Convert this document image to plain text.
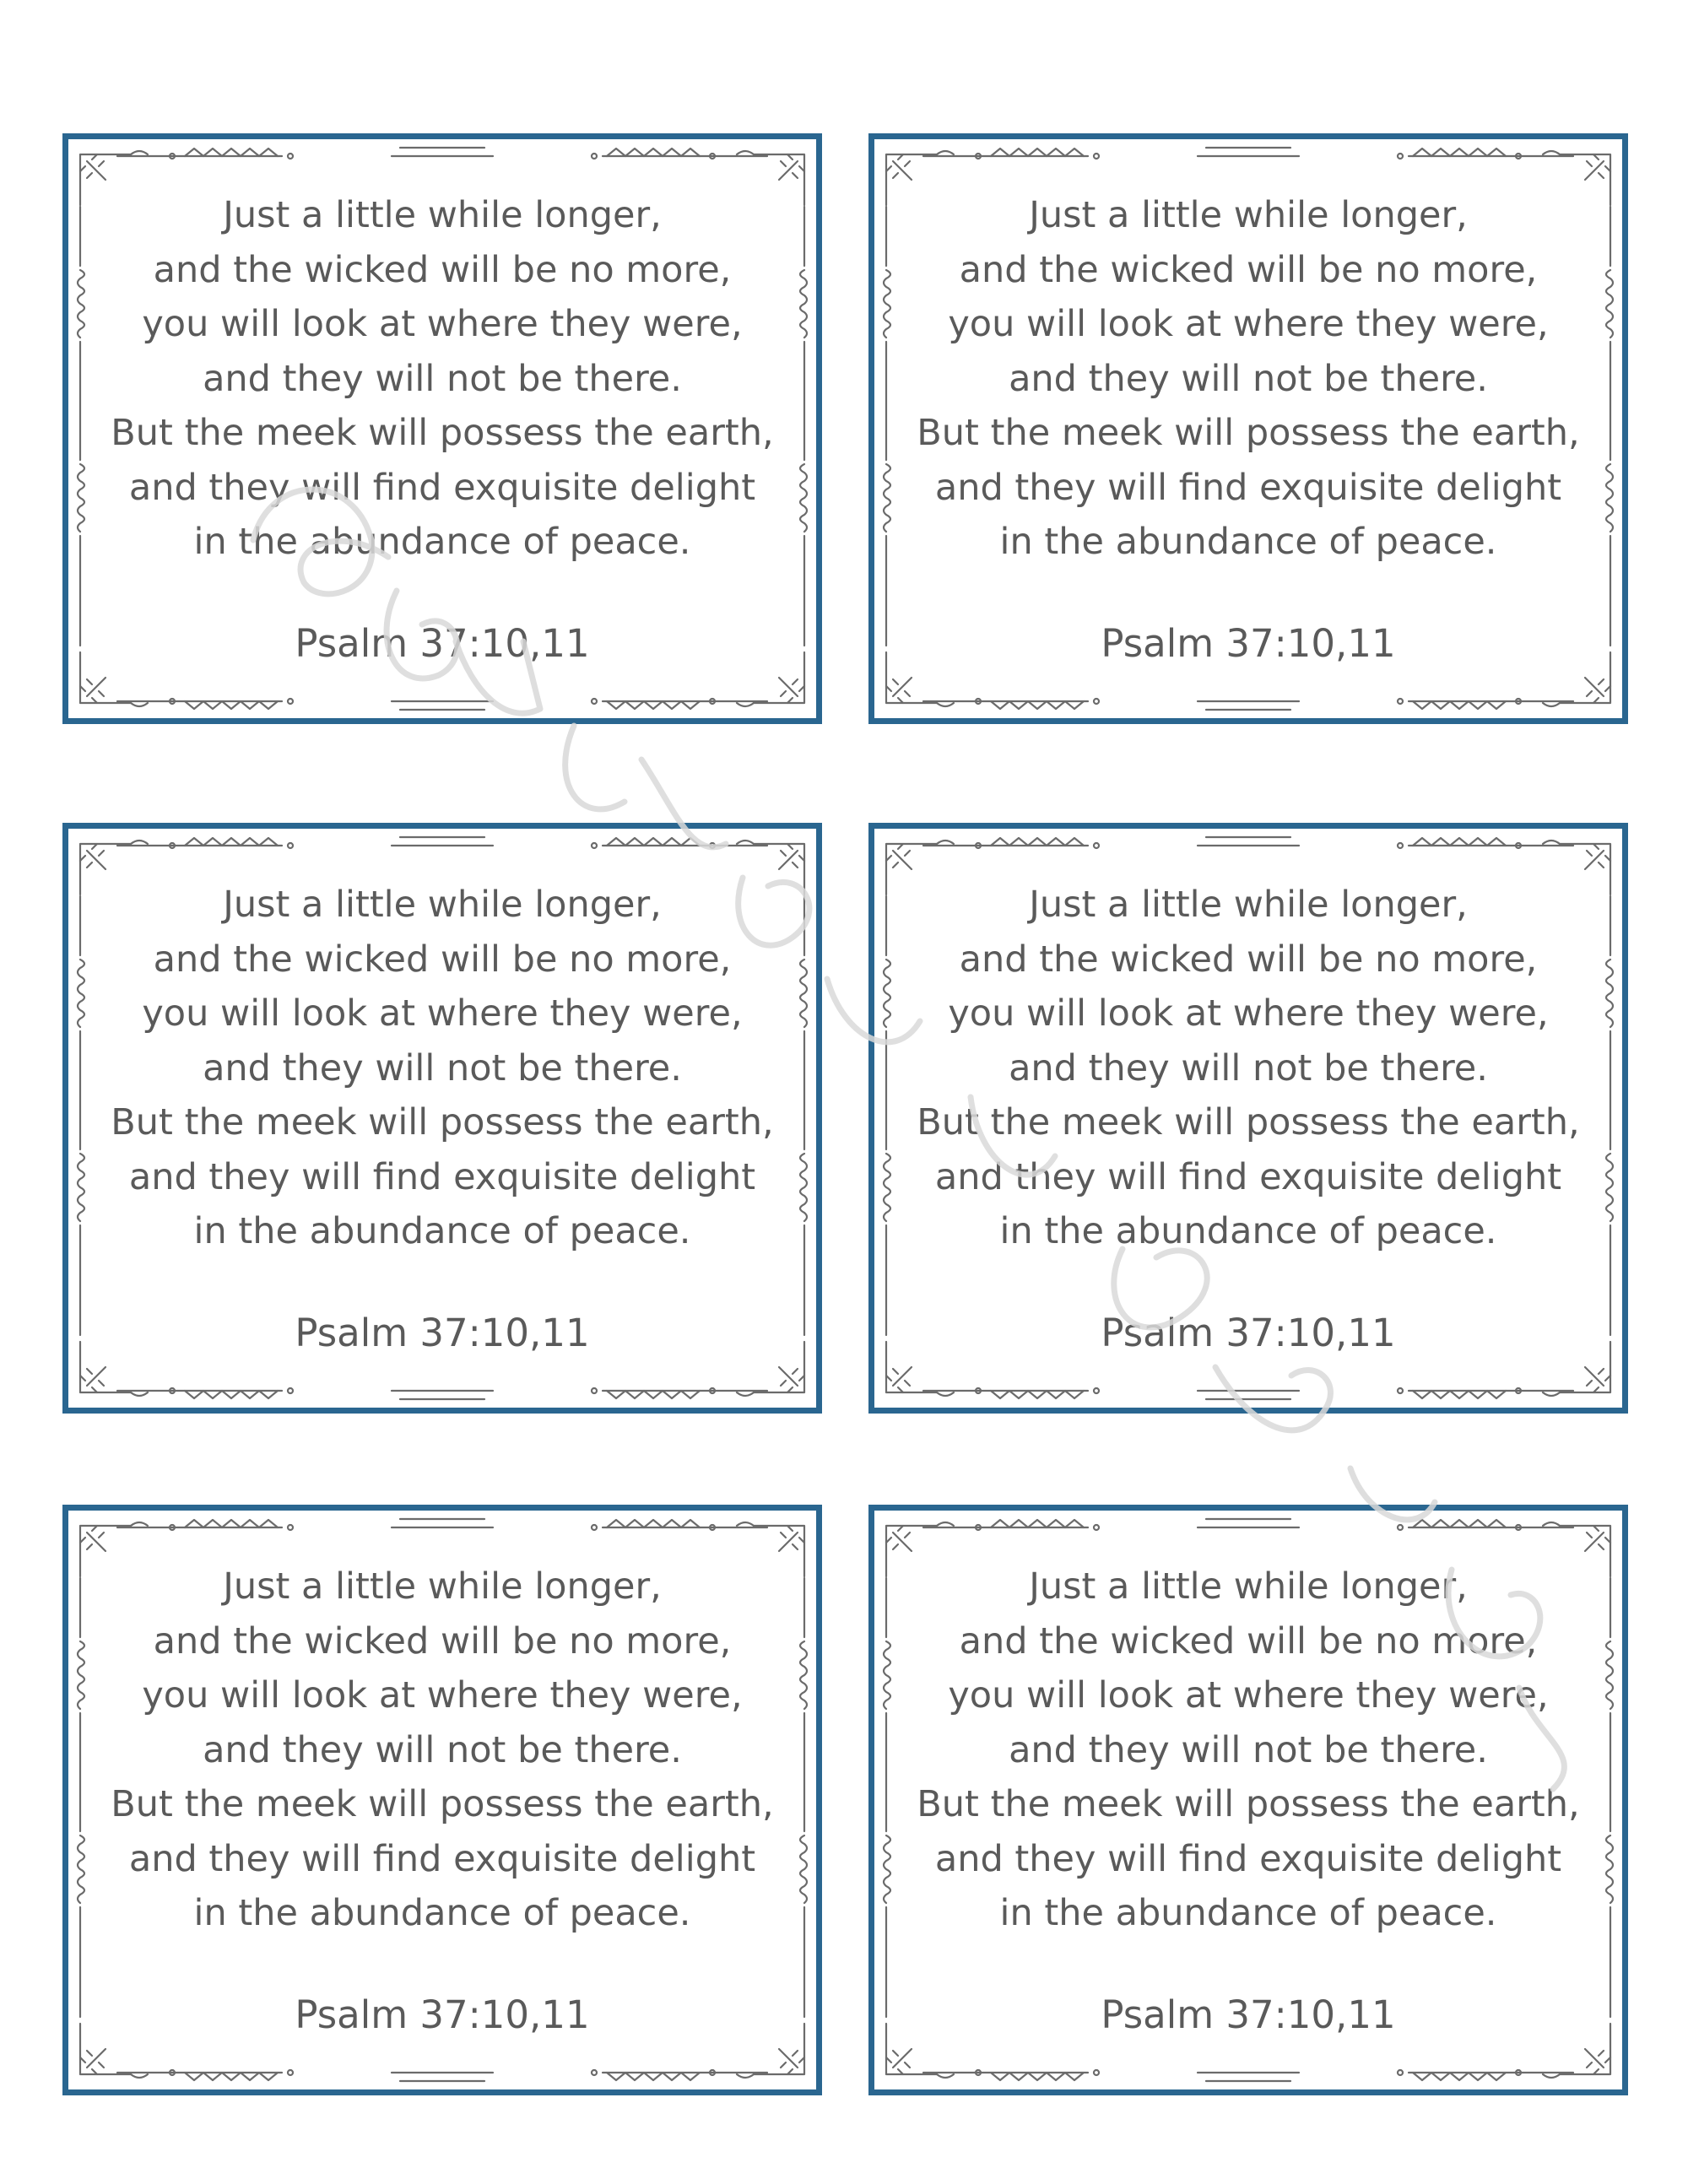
Just a little while longer,
and the wicked will be no more,
you will look at where they were,
and they will not be there.
But the meek will possess the earth,
and they will find exquisite delight
in the abundance of peace.
Psalm 37:10,11
Just a little while longer,
and the wicked will be no more,
you will look at where they were,
and they will not be there.
But the meek will possess the earth,
and they will find exquisite delight
in the abundance of peace.
Psalm 37:10,11
Just a little while longer,
and the wicked will be no more,
you will look at where they were,
and they will not be there.
But the meek will possess the earth,
and they will find exquisite delight
in the abundance of peace.
Psalm 37:10,11
Just a little while longer,
and the wicked will be no more,
you will look at where they were,
and they will not be there.
But the meek will possess the earth,
and they will find exquisite delight
in the abundance of peace.
Psalm 37:10,11
Just a little while longer,
and the wicked will be no more,
you will look at where they were,
and they will not be there.
But the meek will possess the earth,
and they will find exquisite delight
in the abundance of peace.
Psalm 37:10,11
Just a little while longer,
and the wicked will be no more,
you will look at where they were,
and they will not be there.
But the meek will possess the earth,
and they will find exquisite delight
in the abundance of peace.
Psalm 37:10,11
